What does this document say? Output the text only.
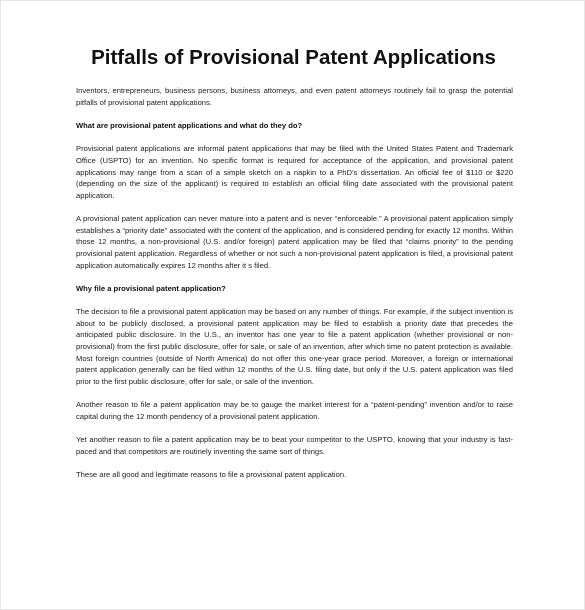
Pitfalls of Provisional Patent Applications

Inventors, entrepreneurs, business persons, business attorneys, and even patent attorneys routinely fail to grasp the potential pitfalls of provisional patent applications.

What are provisional patent applications and what do they do?

Provisional patent applications are informal patent applications that may be filed with the United States Patent and Trademark Office (USPTO) for an invention. No specific format is required for acceptance of the application, and provisional patent applications may range from a scan of a simple sketch on a napkin to a PhD’s dissertation. An official fee of $110 or $220 (depending on the size of the applicant) is required to establish an official filing date associated with the provisional patent application.

A provisional patent application can never mature into a patent and is never “enforceable.” A provisional patent application simply establishes a “priority date” associated with the content of the application, and is considered pending for exactly 12 months. Within those 12 months, a non-provisional (U.S. and/or foreign) patent application may be filed that “claims priority” to the pending provisional patent application. Regardless of whether or not such a non-provisional patent application is filed, a provisional patent application automatically expires 12 months after it s filed.

Why file a provisional patent application?

The decision to file a provisional patent application may be based on any number of things. For example, if the subject invention is about to be publicly disclosed, a provisional patent application may be filed to establish a priority date that precedes the anticipated public disclosure. In the U.S., an inventor has one year to file a patent application (whether provisional or non-provisional) from the first public disclosure, offer for sale, or sale of an invention, after which time no patent protection is available. Most foreign countries (outside of North America) do not offer this one-year grace period. Moreover, a foreign or international patent application generally can be filed within 12 months of the U.S. filing date, but only if the U.S. patent application was filed prior to the first public disclosure, offer for sale, or sale of the invention.

Another reason to file a patent application may be to gauge the market interest for a “patent-pending” invention and/or to raise capital during the 12 month pendency of a provisional patent application.

Yet another reason to file a patent application may be to beat your competitor to the USPTO, knowing that your industry is fast-paced and that competitors are routinely inventing the same sort of things.

These are all good and legitimate reasons to file a provisional patent application.
